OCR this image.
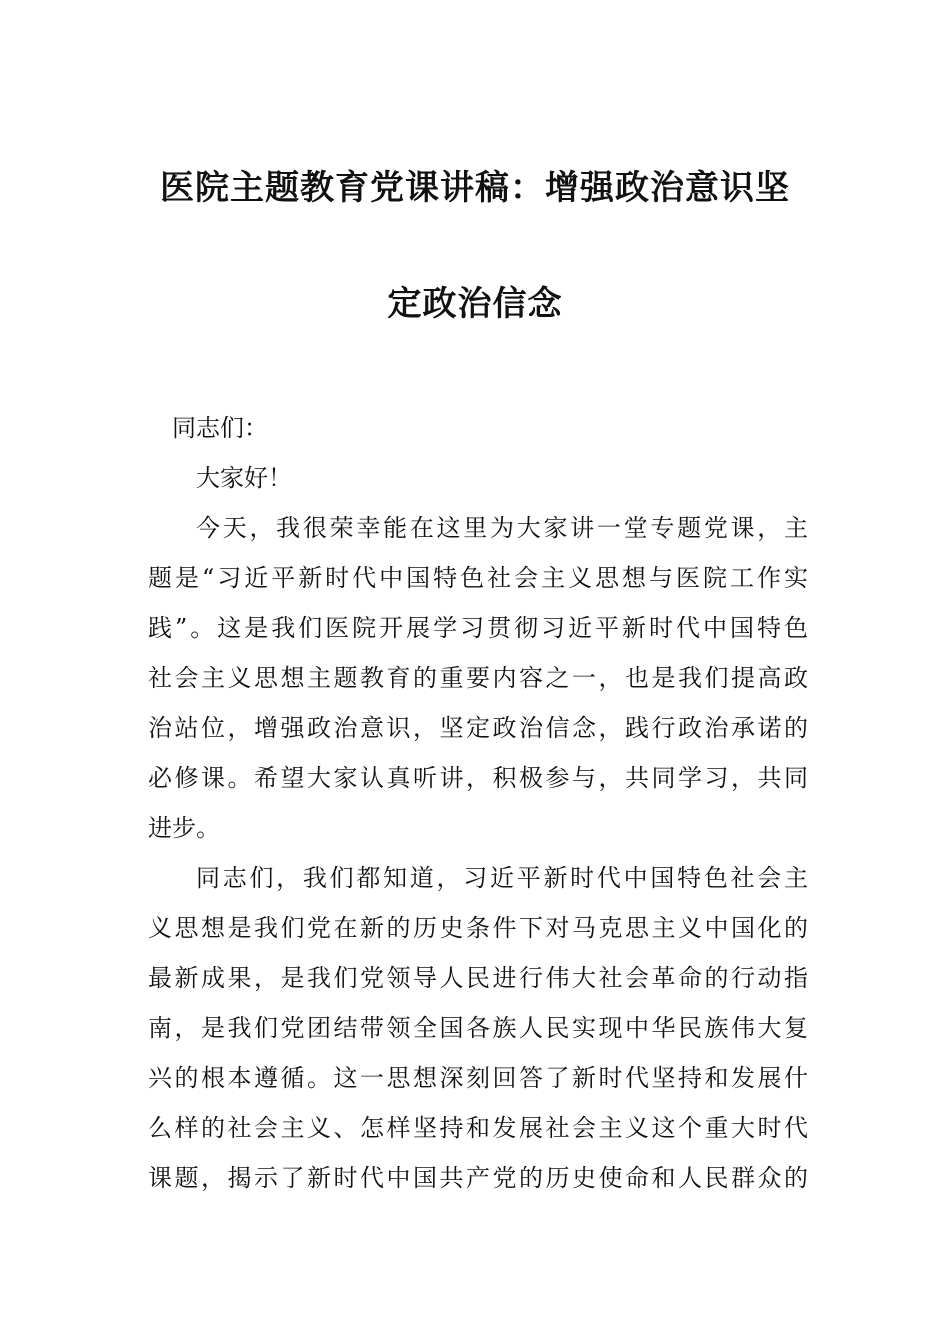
医院主题教育党课讲稿：增强政治意识坚
定政治信念
同志们：
大家好！
今天，我很荣幸能在这里为大家讲一堂专题党课，主
题是“习近平新时代中国特色社会主义思想与医院工作实
践”。这是我们医院开展学习贯彻习近平新时代中国特色
社会主义思想主题教育的重要内容之一，也是我们提高政
治站位，增强政治意识，坚定政治信念，践行政治承诺的
必修课。希望大家认真听讲，积极参与，共同学习，共同
进步。
同志们，我们都知道，习近平新时代中国特色社会主
义思想是我们党在新的历史条件下对马克思主义中国化的
最新成果，是我们党领导人民进行伟大社会革命的行动指
南，是我们党团结带领全国各族人民实现中华民族伟大复
兴的根本遵循。这一思想深刻回答了新时代坚持和发展什
么样的社会主义、怎样坚持和发展社会主义这个重大时代
课题，揭示了新时代中国共产党的历史使命和人民群众的
